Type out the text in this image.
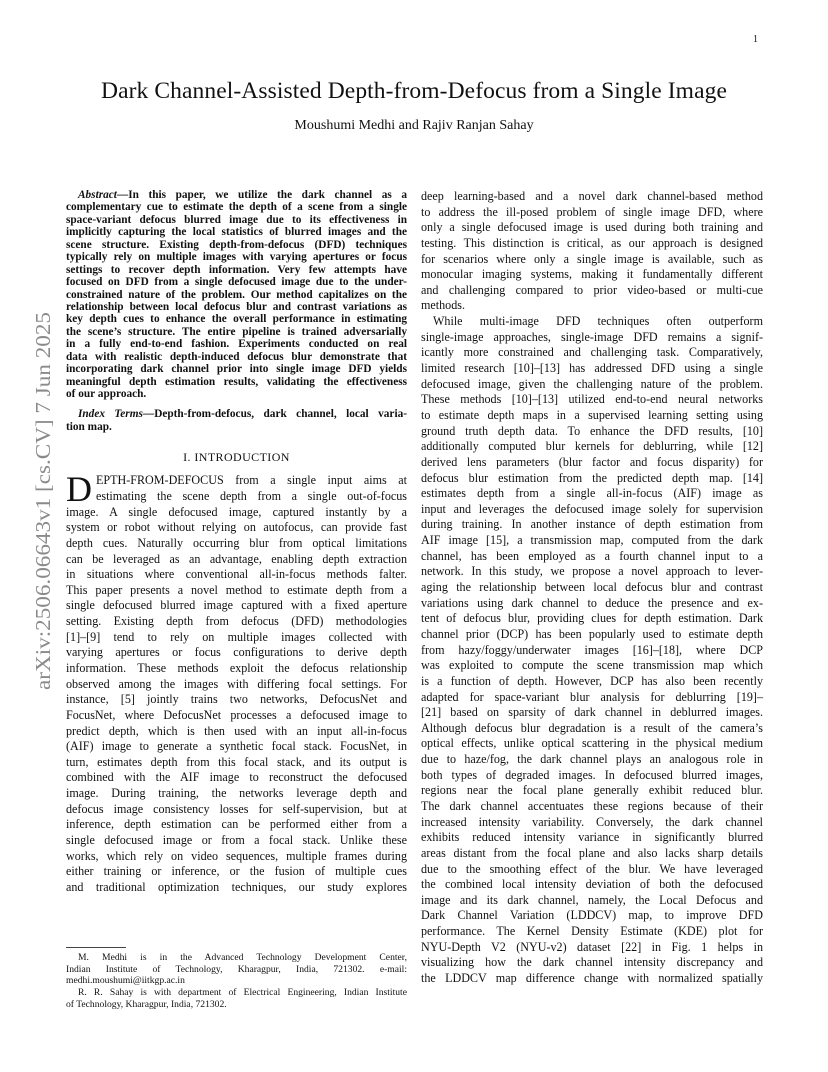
1
arXiv:2506.06643v1 [cs.CV] 7 Jun 2025
Dark Channel-Assisted Depth-from-Defocus from a Single Image
Moushumi Medhi and Rajiv Ranjan Sahay
Abstract—In this paper, we utilize the dark channel as a
complementary cue to estimate the depth of a scene from a single
space-variant defocus blurred image due to its effectiveness in
implicitly capturing the local statistics of blurred images and the
scene structure. Existing depth-from-defocus (DFD) techniques
typically rely on multiple images with varying apertures or focus
settings to recover depth information. Very few attempts have
focused on DFD from a single defocused image due to the under-
constrained nature of the problem. Our method capitalizes on the
relationship between local defocus blur and contrast variations as
key depth cues to enhance the overall performance in estimating
the scene’s structure. The entire pipeline is trained adversarially
in a fully end-to-end fashion. Experiments conducted on real
data with realistic depth-induced defocus blur demonstrate that
incorporating dark channel prior into single image DFD yields
meaningful depth estimation results, validating the effectiveness
of our approach.
Index Terms—Depth-from-defocus, dark channel, local varia-
tion map.
I. INTRODUCTION
D EPTH-FROM-DEFOCUS from a single input aims at
estimating the scene depth from a single out-of-focus
image. A single defocused image, captured instantly by a
system or robot without relying on autofocus, can provide fast
depth cues. Naturally occurring blur from optical limitations
can be leveraged as an advantage, enabling depth extraction
in situations where conventional all-in-focus methods falter.
This paper presents a novel method to estimate depth from a
single defocused blurred image captured with a fixed aperture
setting. Existing depth from defocus (DFD) methodologies
[1]–[9] tend to rely on multiple images collected with
varying apertures or focus configurations to derive depth
information. These methods exploit the defocus relationship
observed among the images with differing focal settings. For
instance, [5] jointly trains two networks, DefocusNet and
FocusNet, where DefocusNet processes a defocused image to
predict depth, which is then used with an input all-in-focus
(AIF) image to generate a synthetic focal stack. FocusNet, in
turn, estimates depth from this focal stack, and its output is
combined with the AIF image to reconstruct the defocused
image. During training, the networks leverage depth and
defocus image consistency losses for self-supervision, but at
inference, depth estimation can be performed either from a
single defocused image or from a focal stack. Unlike these
works, which rely on video sequences, multiple frames during
either training or inference, or the fusion of multiple cues
and traditional optimization techniques, our study explores
M. Medhi is in the Advanced Technology Development Center,
Indian Institute of Technology, Kharagpur, India, 721302. e-mail:
medhi.moushumi@iitkgp.ac.in
R. R. Sahay is with department of Electrical Engineering, Indian Institute
of Technology, Kharagpur, India, 721302.
deep learning-based and a novel dark channel-based method
to address the ill-posed problem of single image DFD, where
only a single defocused image is used during both training and
testing. This distinction is critical, as our approach is designed
for scenarios where only a single image is available, such as
monocular imaging systems, making it fundamentally different
and challenging compared to prior video-based or multi-cue
methods.
While multi-image DFD techniques often outperform
single-image approaches, single-image DFD remains a signif-
icantly more constrained and challenging task. Comparatively,
limited research [10]–[13] has addressed DFD using a single
defocused image, given the challenging nature of the problem.
These methods [10]–[13] utilized end-to-end neural networks
to estimate depth maps in a supervised learning setting using
ground truth depth data. To enhance the DFD results, [10]
additionally computed blur kernels for deblurring, while [12]
derived lens parameters (blur factor and focus disparity) for
defocus blur estimation from the predicted depth map. [14]
estimates depth from a single all-in-focus (AIF) image as
input and leverages the defocused image solely for supervision
during training. In another instance of depth estimation from
AIF image [15], a transmission map, computed from the dark
channel, has been employed as a fourth channel input to a
network. In this study, we propose a novel approach to lever-
aging the relationship between local defocus blur and contrast
variations using dark channel to deduce the presence and ex-
tent of defocus blur, providing clues for depth estimation. Dark
channel prior (DCP) has been popularly used to estimate depth
from hazy/foggy/underwater images [16]–[18], where DCP
was exploited to compute the scene transmission map which
is a function of depth. However, DCP has also been recently
adapted for space-variant blur analysis for deblurring [19]–
[21] based on sparsity of dark channel in deblurred images.
Although defocus blur degradation is a result of the camera’s
optical effects, unlike optical scattering in the physical medium
due to haze/fog, the dark channel plays an analogous role in
both types of degraded images. In defocused blurred images,
regions near the focal plane generally exhibit reduced blur.
The dark channel accentuates these regions because of their
increased intensity variability. Conversely, the dark channel
exhibits reduced intensity variance in significantly blurred
areas distant from the focal plane and also lacks sharp details
due to the smoothing effect of the blur. We have leveraged
the combined local intensity deviation of both the defocused
image and its dark channel, namely, the Local Defocus and
Dark Channel Variation (LDDCV) map, to improve DFD
performance. The Kernel Density Estimate (KDE) plot for
NYU-Depth V2 (NYU-v2) dataset [22] in Fig. 1 helps in
visualizing how the dark channel intensity discrepancy and
the LDDCV map difference change with normalized spatially
